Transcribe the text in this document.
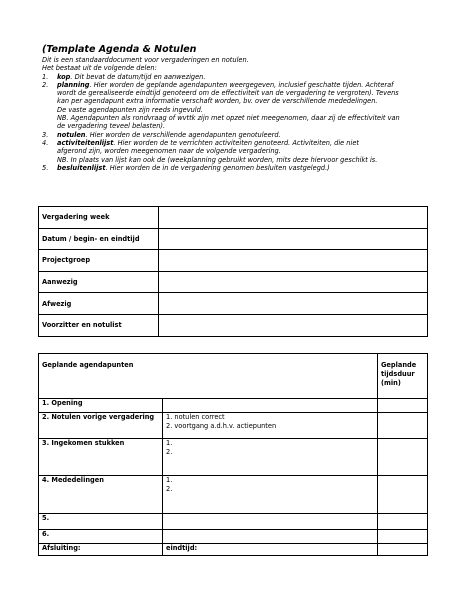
(Template Agenda & Notulen
Dit is een standaarddocument voor vergaderingen en notulen.
Het bestaat uit de volgende delen:
1. kop. Dit bevat de datum/tijd en aanwezigen.
2. planning. Hier worden de geplande agendapunten weergegeven, inclusief geschatte tijden. Achteraf
wordt de gerealiseerde eindtijd genoteerd om de effectiviteit van de vergadering te vergroten). Tevens
kan per agendapunt extra informatie verschaft worden, bv. over de verschillende mededelingen.
De vaste agendapunten zijn reeds ingevuld.
NB. Agendapunten als rondvraag of wvttk zijn met opzet niet meegenomen, daar zij de effectiviteit van
de vergadering teveel belasten).
3. notulen. Hier worden de verschillende agendapunten genotuleerd.
4. activiteitenlijst. Hier worden de te verrichten activiteiten genoteerd. Activiteiten, die niet
afgerond zijn, worden meegenomen naar de volgende vergadering.
NB. In plaats van lijst kan ook de (weekplanning gebruikt worden, mits deze hiervoor geschikt is.
5. besluitenlijst. Hier worden de in de vergadering genomen besluiten vastgelegd.)
Vergadering week	
Datum / begin- en eindtijd	
Projectgroep	
Aanwezig	
Afwezig	
Voorzitter en notulist	
Geplande agendapunten		Geplande
tijdsduur
(min)

1. Opening		
2. Notulen vorige vergadering	1. notulen correct
2. voortgang a.d.h.v. actiepunten	

3. Ingekomen stukken	1.
2.	

4. Mededelingen	1.
2.	

5.		
6.		
Afsluiting:	eindtijd:	
